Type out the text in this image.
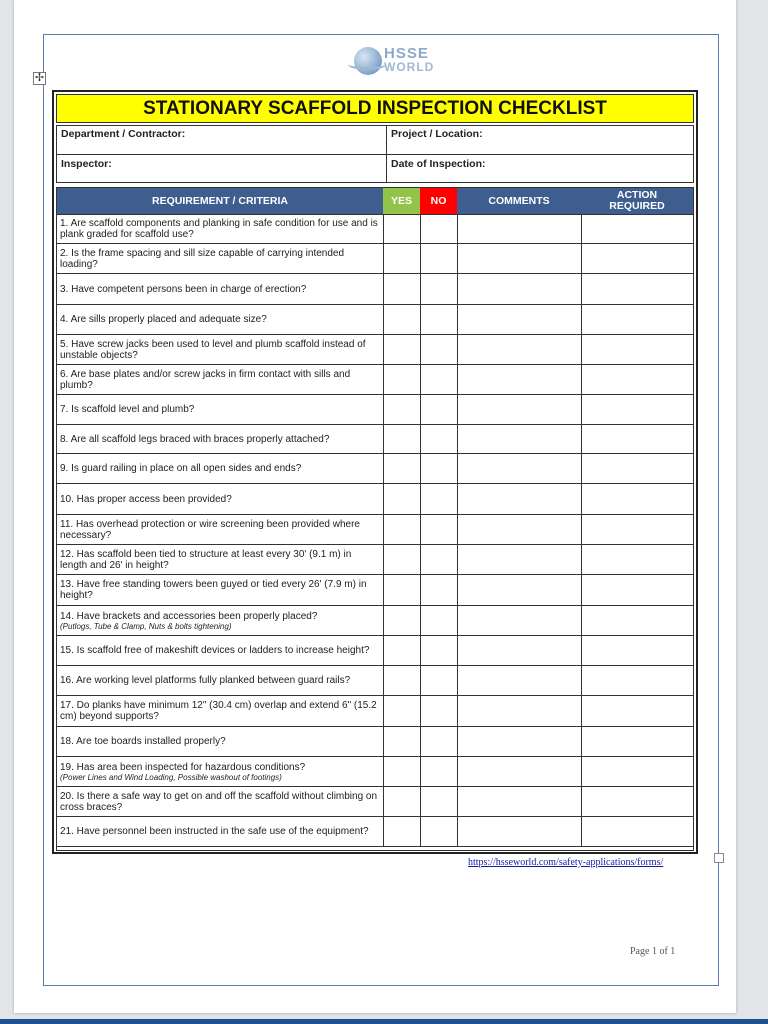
✢
HSSE
WORLD
https://hsseworld.com/safety-applications/forms/
Page 1 of 1
STATIONARY SCAFFOLD INSPECTION CHECKLIST
Department / Contractor:	Project / Location:
Inspector:	Date of Inspection:
REQUIREMENT / CRITERIA	YES	NO	COMMENTS	ACTION REQUIRED
1. Are scaffold components and planking in safe condition for use and is plank graded for scaffold use?
2. Is the frame spacing and sill size capable of carrying intended loading?
3. Have competent persons been in charge of erection?
4. Are sills properly placed and adequate size?
5. Have screw jacks been used to level and plumb scaffold instead of unstable objects?
6. Are base plates and/or screw jacks in firm contact with sills and plumb?
7. Is scaffold level and plumb?
8. Are all scaffold legs braced with braces properly attached?
9. Is guard railing in place on all open sides and ends?
10. Has proper access been provided?
11. Has overhead protection or wire screening been provided where necessary?
12. Has scaffold been tied to structure at least every 30' (9.1 m) in length and 26' in height?
13. Have free standing towers been guyed or tied every 26' (7.9 m) in height?
14. Have brackets and accessories been properly placed?
(Putlogs, Tube & Clamp, Nuts & bolts tightening)
15. Is scaffold free of makeshift devices or ladders to increase height?
16. Are working level platforms fully planked between guard rails?
17. Do planks have minimum 12" (30.4 cm) overlap and extend 6" (15.2 cm) beyond supports?
18. Are toe boards installed properly?
19. Has area been inspected for hazardous conditions?
(Power Lines and Wind Loading, Possible washout of footings)
20. Is there a safe way to get on and off the scaffold without climbing on cross braces?
21. Have personnel been instructed in the safe use of the equipment?
